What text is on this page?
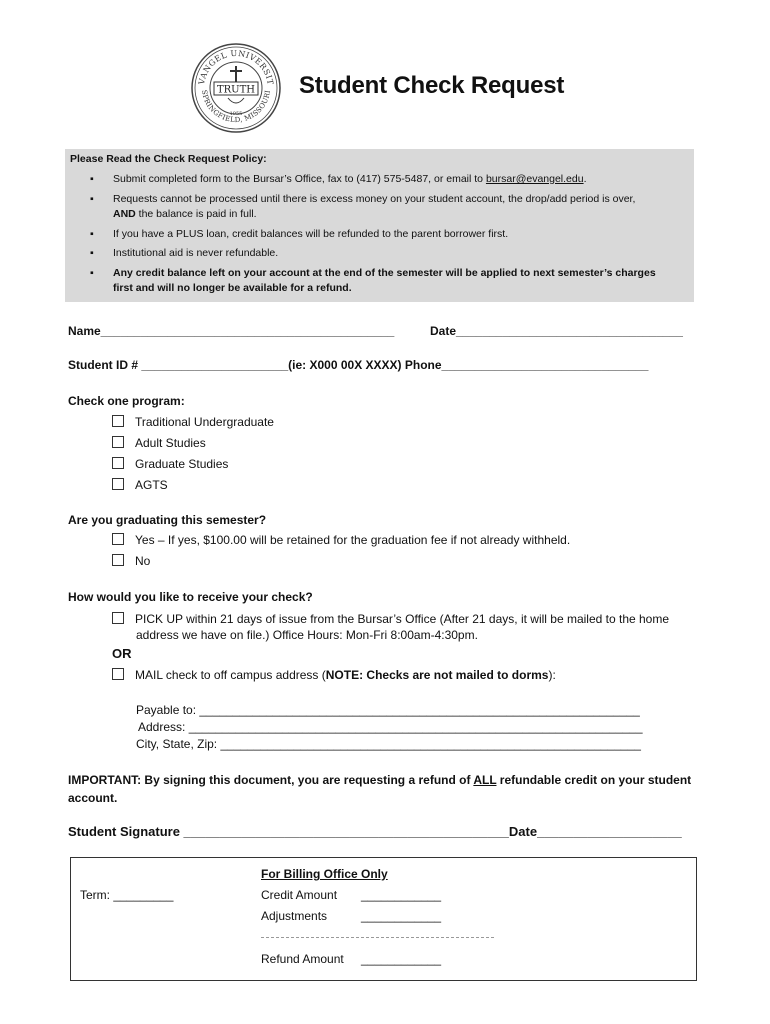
VANGEL UNIVERSIT
SPRINGFIELD, MISSOURI
TRUTH
1955
Student Check Request
Please Read the Check Request Policy:
▪ Submit completed form to the Bursar’s Office, fax to (417) 575-5487, or email to bursar@evangel.edu.
▪ Requests cannot be processed until there is excess money on your student account, the drop/add period is over,
AND the balance is paid in full.
▪ If you have a PLUS loan, credit balances will be refunded to the parent borrower first.
▪ Institutional aid is never refundable.
▪ Any credit balance left on your account at the end of the semester will be applied to next semester’s charges
first and will no longer be available for a refund.
Name____________________________________________	Date__________________________________
Student ID # ______________________(ie: X000 00X XXXX) Phone_______________________________
Check one program:
Traditional Undergraduate
Adult Studies
Graduate Studies
AGTS
Are you graduating this semester?
Yes – If yes, $100.00 will be retained for the graduation fee if not already withheld.
No
How would you like to receive your check?
PICK UP within 21 days of issue from the Bursar’s Office (After 21 days, it will be mailed to the home
address we have on file.) Office Hours: Mon-Fri 8:00am-4:30pm.
OR
MAIL check to off campus address (NOTE: Checks are not mailed to dorms):
Payable to: __________________________________________________________________
Address: ____________________________________________________________________
City, State, Zip: _______________________________________________________________
IMPORTANT: By signing this document, you are requesting a refund of ALL refundable credit on your student
account.
Student Signature _____________________________________________Date____________________
For Billing Office Only
Term: _________	Credit Amount ____________
Adjustments	____________
Refund Amount ____________
